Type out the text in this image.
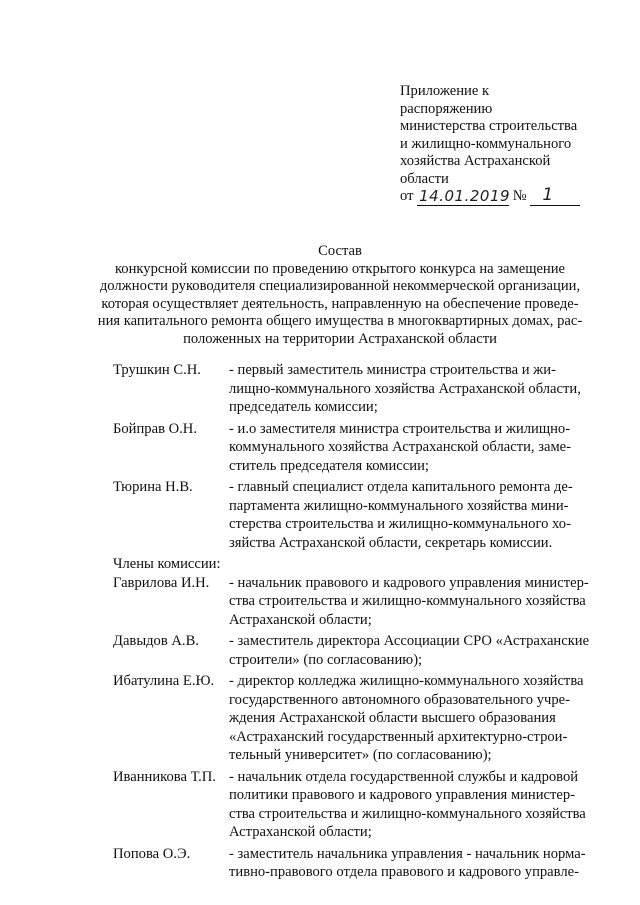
Приложение к
распоряжению
министерства строительства
и жилищно-коммунального
хозяйства Астраханской
области
от 14.01.2019 № 1
Состав
конкурсной комиссии по проведению открытого конкурса на замещение
должности руководителя специализированной некоммерческой организации,
которая осуществляет деятельность, направленную на обеспечение проведе-
ния капитального ремонта общего имущества в многоквартирных домах, рас-
положенных на территории Астраханской области
Трушкин С.Н.	- первый заместитель министра строительства и жи-
лищно-коммунального хозяйства Астраханской области,
председатель комиссии;
Бойправ О.Н.	- и.о заместителя министра строительства и жилищно-
коммунального хозяйства Астраханской области, заме-
ститель председателя комиссии;
Тюрина Н.В.	- главный специалист отдела капитального ремонта де-
партамента жилищно-коммунального хозяйства мини-
стерства строительства и жилищно-коммунального хо-
зяйства Астраханской области, секретарь комиссии.
Члены комиссии:
Гаврилова И.Н.	- начальник правового и кадрового управления министер-
ства строительства и жилищно-коммунального хозяйства
Астраханской области;
Давыдов А.В.	- заместитель директора Ассоциации СРО «Астраханские
строители» (по согласованию);
Ибатулина Е.Ю.	- директор колледжа жилищно-коммунального хозяйства
государственного автономного образовательного учре-
ждения Астраханской области высшего образования
«Астраханский государственный архитектурно-строи-
тельный университет» (по согласованию);
Иванникова Т.П. - начальник отдела государственной службы и кадровой
политики правового и кадрового управления министер-
ства строительства и жилищно-коммунального хозяйства
Астраханской области;
Попова О.Э.	- заместитель начальника управления - начальник норма-
тивно-правового отдела правового и кадрового управле-
